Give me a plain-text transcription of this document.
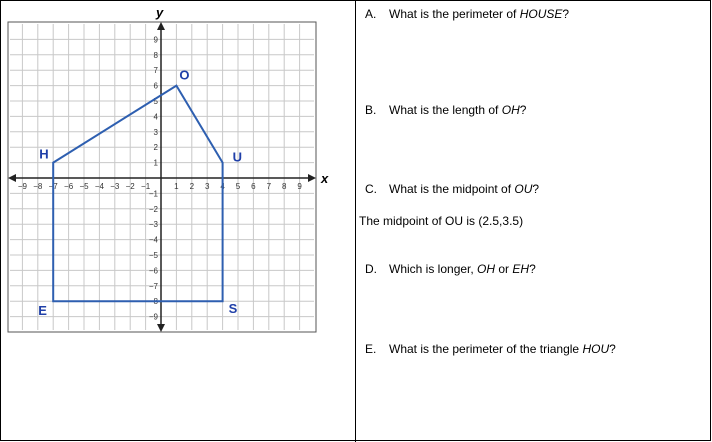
−9 −8 −7 −6 −5 −4 −3 −2 −1	1 2 3 4 5 6 7 8 9
9
8
7
6
5
4
3
2
1
−1
−2
−3
−4
−5
−6
−7
−8
−9
H
O
U
S
E
x
y	A. What is the perimeter of HOUSE?
B. What is the length of OH?
C. What is the midpoint of OU?
The midpoint of OU is (2.5,3.5)
D. Which is longer, OH or EH?
E. What is the perimeter of the triangle HOU?
